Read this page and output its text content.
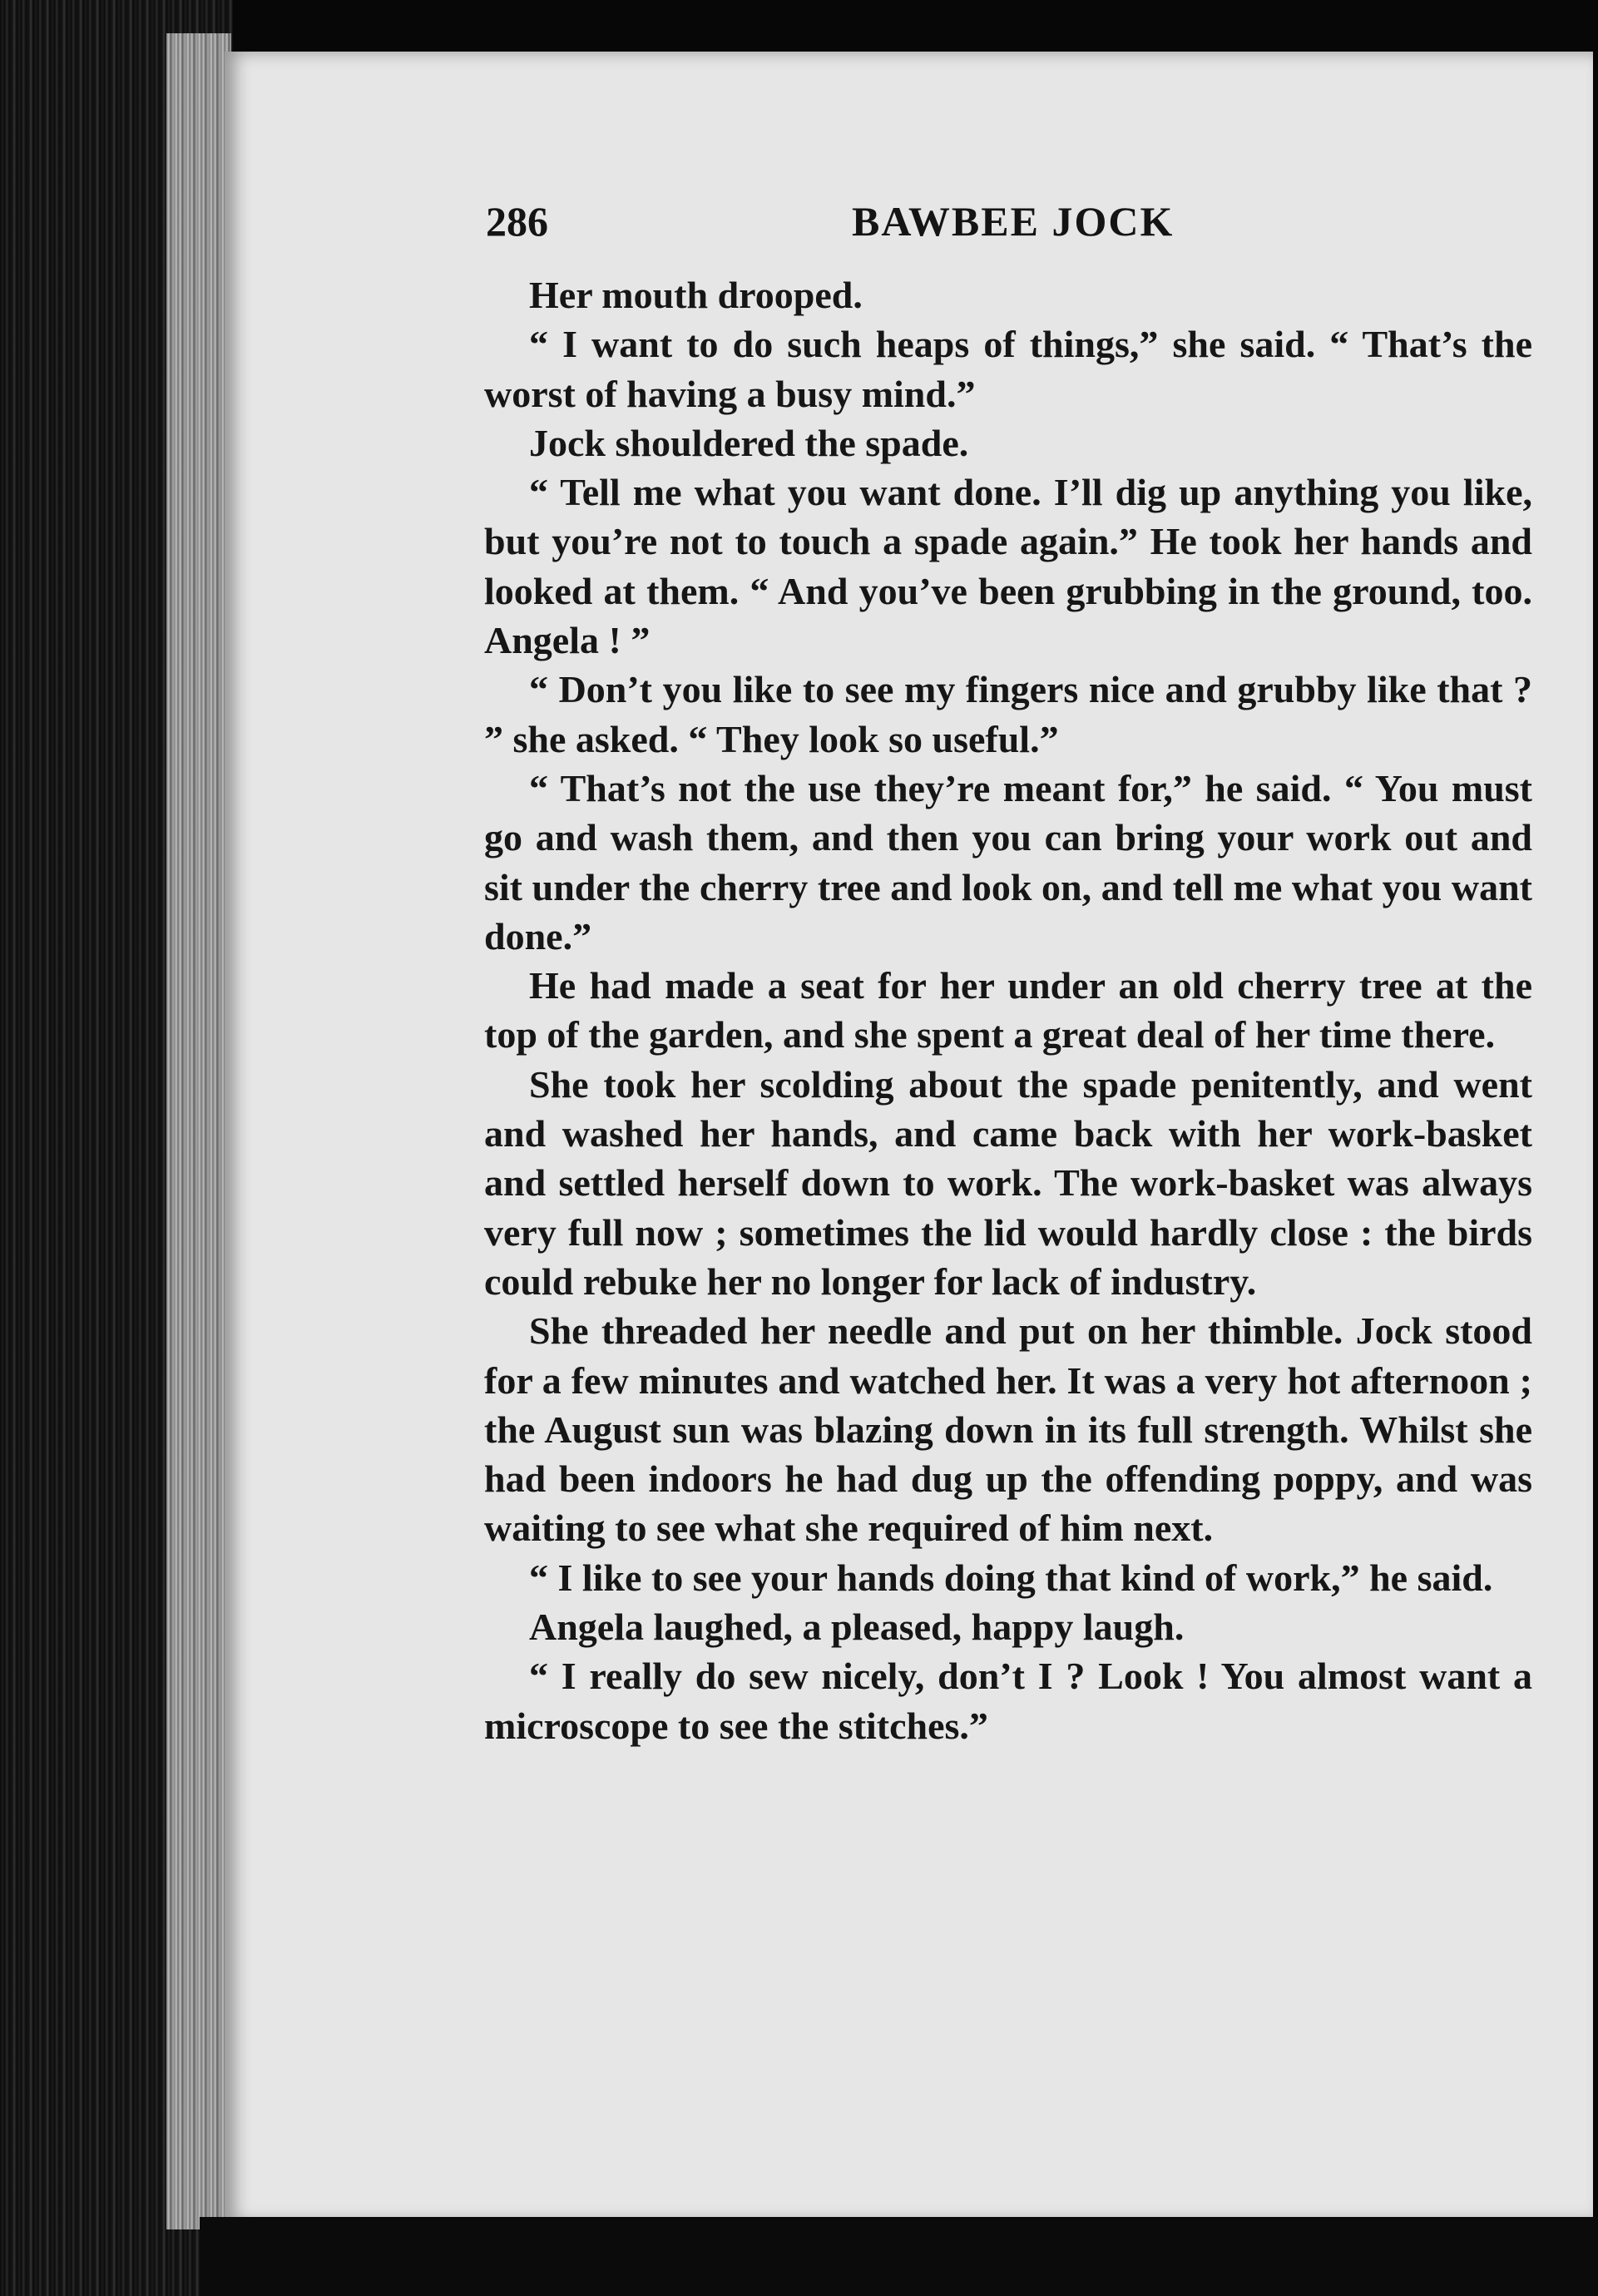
286	BAWBEE JOCK

Her mouth drooped.

“ I want to do such heaps of things,” she said. “ That’s the worst of having a busy mind.”

Jock shouldered the spade.

“ Tell me what you want done. I’ll dig up anything you like, but you’re not to touch a spade again.” He took her hands and looked at them. “ And you’ve been grubbing in the ground, too. Angela ! ”

“ Don’t you like to see my fingers nice and grubby like that ? ” she asked. “ They look so useful.”

“ That’s not the use they’re meant for,” he said. “ You must go and wash them, and then you can bring your work out and sit under the cherry tree and look on, and tell me what you want done.”

He had made a seat for her under an old cherry tree at the top of the garden, and she spent a great deal of her time there.

She took her scolding about the spade penitently, and went and washed her hands, and came back with her work-basket and settled herself down to work. The work-basket was always very full now ; sometimes the lid would hardly close : the birds could rebuke her no longer for lack of industry.

She threaded her needle and put on her thimble. Jock stood for a few minutes and watched her. It was a very hot afternoon ; the August sun was blazing down in its full strength. Whilst she had been indoors he had dug up the offending poppy, and was waiting to see what she required of him next.

“ I like to see your hands doing that kind of work,” he said.

Angela laughed, a pleased, happy laugh.

“ I really do sew nicely, don’t I ? Look ! You almost want a microscope to see the stitches.”
